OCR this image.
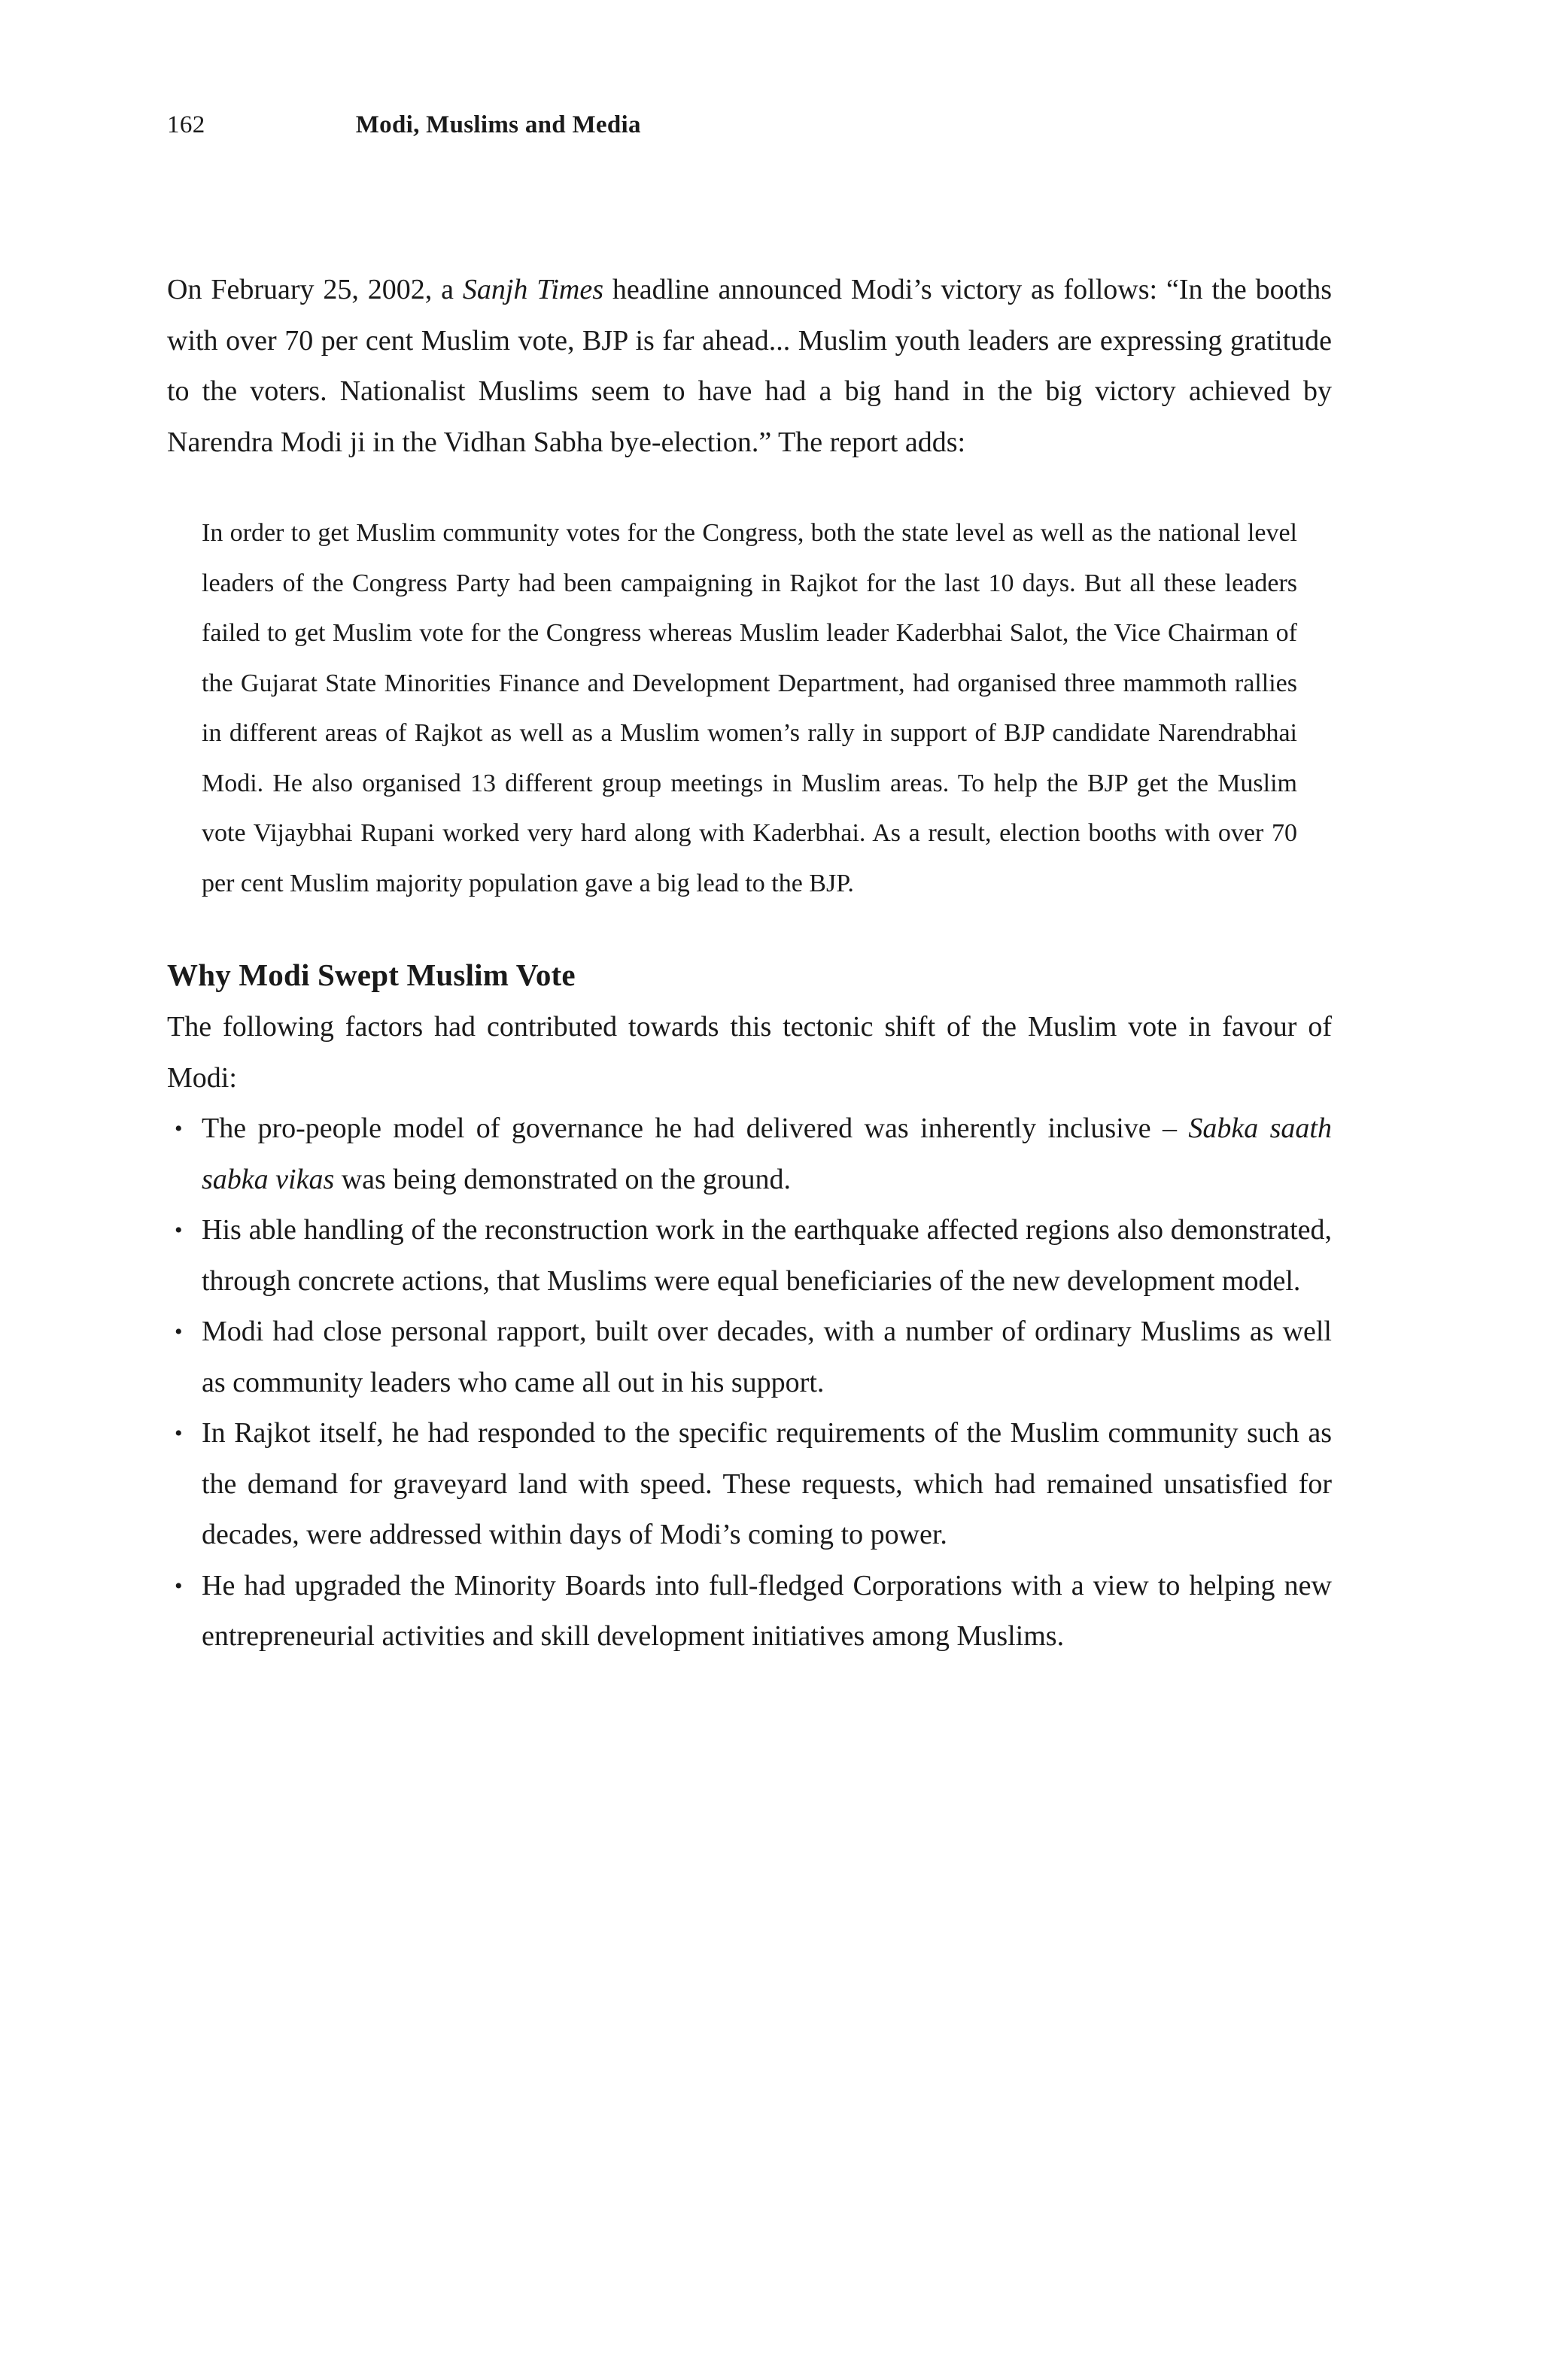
162	Modi, Muslims and Media

On February 25, 2002, a Sanjh Times headline announced Modi’s victory as follows: “In the booths with over 70 per cent Muslim vote, BJP is far ahead... Muslim youth leaders are expressing gratitude to the voters. Nationalist Muslims seem to have had a big hand in the big victory achieved by Narendra Modi ji in the Vidhan Sabha bye-election.” The report adds:

In order to get Muslim community votes for the Congress, both the state level as well as the national level leaders of the Congress Party had been campaigning in Rajkot for the last 10 days. But all these leaders failed to get Muslim vote for the Congress whereas Muslim leader Kaderbhai Salot, the Vice Chairman of the Gujarat State Minorities Finance and Development Department, had organised three mammoth rallies in different areas of Rajkot as well as a Muslim women’s rally in support of BJP candidate Narendrabhai Modi. He also organised 13 different group meetings in Muslim areas. To help the BJP get the Muslim vote Vijaybhai Rupani worked very hard along with Kaderbhai. As a result, election booths with over 70 per cent Muslim majority population gave a big lead to the BJP.

Why Modi Swept Muslim Vote

The following factors had contributed towards this tectonic shift of the Muslim vote in favour of Modi:

• The pro-people model of governance he had delivered was inherently inclusive – Sabka saath sabka vikas was being demonstrated on the ground.
• His able handling of the reconstruction work in the earthquake affected regions also demonstrated, through concrete actions, that Muslims were equal beneficiaries of the new development model.
• Modi had close personal rapport, built over decades, with a number of ordinary Muslims as well as community leaders who came all out in his support.
• In Rajkot itself, he had responded to the specific requirements of the Muslim community such as the demand for graveyard land with speed. These requests, which had remained unsatisfied for decades, were addressed within days of Modi’s coming to power.
• He had upgraded the Minority Boards into full-fledged Corporations with a view to helping new entrepreneurial activities and skill development initiatives among Muslims.
